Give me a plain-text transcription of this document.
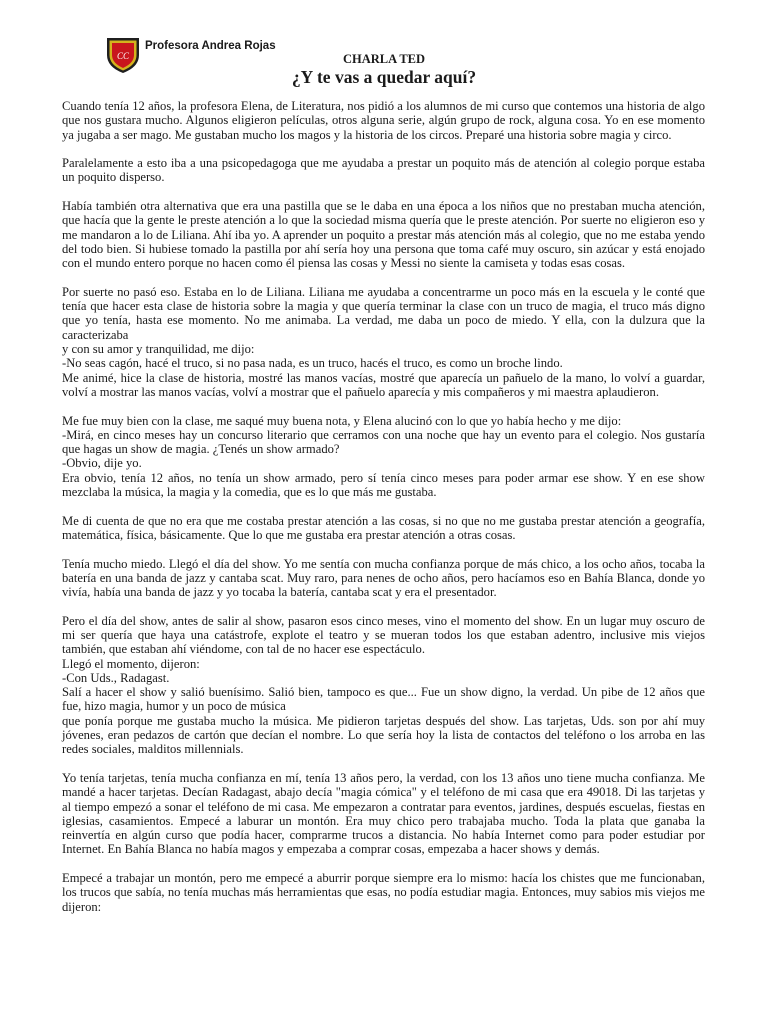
CC
Profesora Andrea Rojas
CHARLA TED
¿Y te vas a quedar aquí?

Cuando tenía 12 años, la profesora Elena, de Literatura, nos pidió a los alumnos de mi curso que contemos una historia de algo que nos gustara mucho. Algunos eligieron películas, otros alguna serie, algún grupo de rock, alguna cosa. Yo en ese momento ya jugaba a ser mago. Me gustaban mucho los magos y la historia de los circos. Preparé una historia sobre magia y circo.

Paralelamente a esto iba a una psicopedagoga que me ayudaba a prestar un poquito más de atención al colegio porque estaba un poquito disperso.

Había también otra alternativa que era una pastilla que se le daba en una época a los niños que no prestaban mucha atención, que hacía que la gente le preste atención a lo que la sociedad misma quería que le preste atención. Por suerte no eligieron eso y me mandaron a lo de Liliana. Ahí iba yo. A aprender un poquito a prestar más atención más al colegio, que no me estaba yendo del todo bien. Si hubiese tomado la pastilla por ahí sería hoy una persona que toma café muy oscuro, sin azúcar y está enojado con el mundo entero porque no hacen como él piensa las cosas y Messi no siente la camiseta y todas esas cosas.

Por suerte no pasó eso. Estaba en lo de Liliana. Liliana me ayudaba a concentrarme un poco más en la escuela y le conté que tenía que hacer esta clase de historia sobre la magia y que quería terminar la clase con un truco de magia, el truco más digno que yo tenía, hasta ese momento. No me animaba. La verdad, me daba un poco de miedo. Y ella, con la dulzura que la caracterizaba
y con su amor y tranquilidad, me dijo:
-No seas cagón, hacé el truco, si no pasa nada, es un truco, hacés el truco, es como un broche lindo.
Me animé, hice la clase de historia, mostré las manos vacías, mostré que aparecía un pañuelo de la mano, lo volví a guardar, volví a mostrar las manos vacías, volví a mostrar que el pañuelo aparecía y mis compañeros y mi maestra aplaudieron.

Me fue muy bien con la clase, me saqué muy buena nota, y Elena alucinó con lo que yo había hecho y me dijo:
-Mirá, en cinco meses hay un concurso literario que cerramos con una noche que hay un evento para el colegio. Nos gustaría que hagas un show de magia. ¿Tenés un show armado?
-Obvio, dije yo.
Era obvio, tenía 12 años, no tenía un show armado, pero sí tenía cinco meses para poder armar ese show. Y en ese show mezclaba la música, la magia y la comedia, que es lo que más me gustaba.

Me di cuenta de que no era que me costaba prestar atención a las cosas, si no que no me gustaba prestar atención a geografía, matemática, física, básicamente. Que lo que me gustaba era prestar atención a otras cosas.

Tenía mucho miedo. Llegó el día del show. Yo me sentía con mucha confianza porque de más chico, a los ocho años, tocaba la batería en una banda de jazz y cantaba scat. Muy raro, para nenes de ocho años, pero hacíamos eso en Bahía Blanca, donde yo vivía, había una banda de jazz y yo tocaba la batería, cantaba scat y era el presentador.

Pero el día del show, antes de salir al show, pasaron esos cinco meses, vino el momento del show. En un lugar muy oscuro de mi ser quería que haya una catástrofe, explote el teatro y se mueran todos los que estaban adentro, inclusive mis viejos también, que estaban ahí viéndome, con tal de no hacer ese espectáculo.
Llegó el momento, dijeron:
-Con Uds., Radagast.
Salí a hacer el show y salió buenísimo. Salió bien, tampoco es que... Fue un show digno, la verdad. Un pibe de 12 años que fue, hizo magia, humor y un poco de música
que ponía porque me gustaba mucho la música. Me pidieron tarjetas después del show. Las tarjetas, Uds. son por ahí muy jóvenes, eran pedazos de cartón que decían el nombre. Lo que sería hoy la lista de contactos del teléfono o los arroba en las redes sociales, malditos millennials.

Yo tenía tarjetas, tenía mucha confianza en mí, tenía 13 años pero, la verdad, con los 13 años uno tiene mucha confianza. Me mandé a hacer tarjetas. Decían Radagast, abajo decía "magia cómica" y el teléfono de mi casa que era 49018. Di las tarjetas y al tiempo empezó a sonar el teléfono de mi casa. Me empezaron a contratar para eventos, jardines, después escuelas, fiestas en iglesias, casamientos. Empecé a laburar un montón. Era muy chico pero trabajaba mucho. Toda la plata que ganaba la reinvertía en algún curso que podía hacer, comprarme trucos a distancia. No había Internet como para poder estudiar por Internet. En Bahía Blanca no había magos y empezaba a comprar cosas, empezaba a hacer shows y demás.

Empecé a trabajar un montón, pero me empecé a aburrir porque siempre era lo mismo: hacía los chistes que me funcionaban, los trucos que sabía, no tenía muchas más herramientas que esas, no podía estudiar magia. Entonces, muy sabios mis viejos me dijeron:
